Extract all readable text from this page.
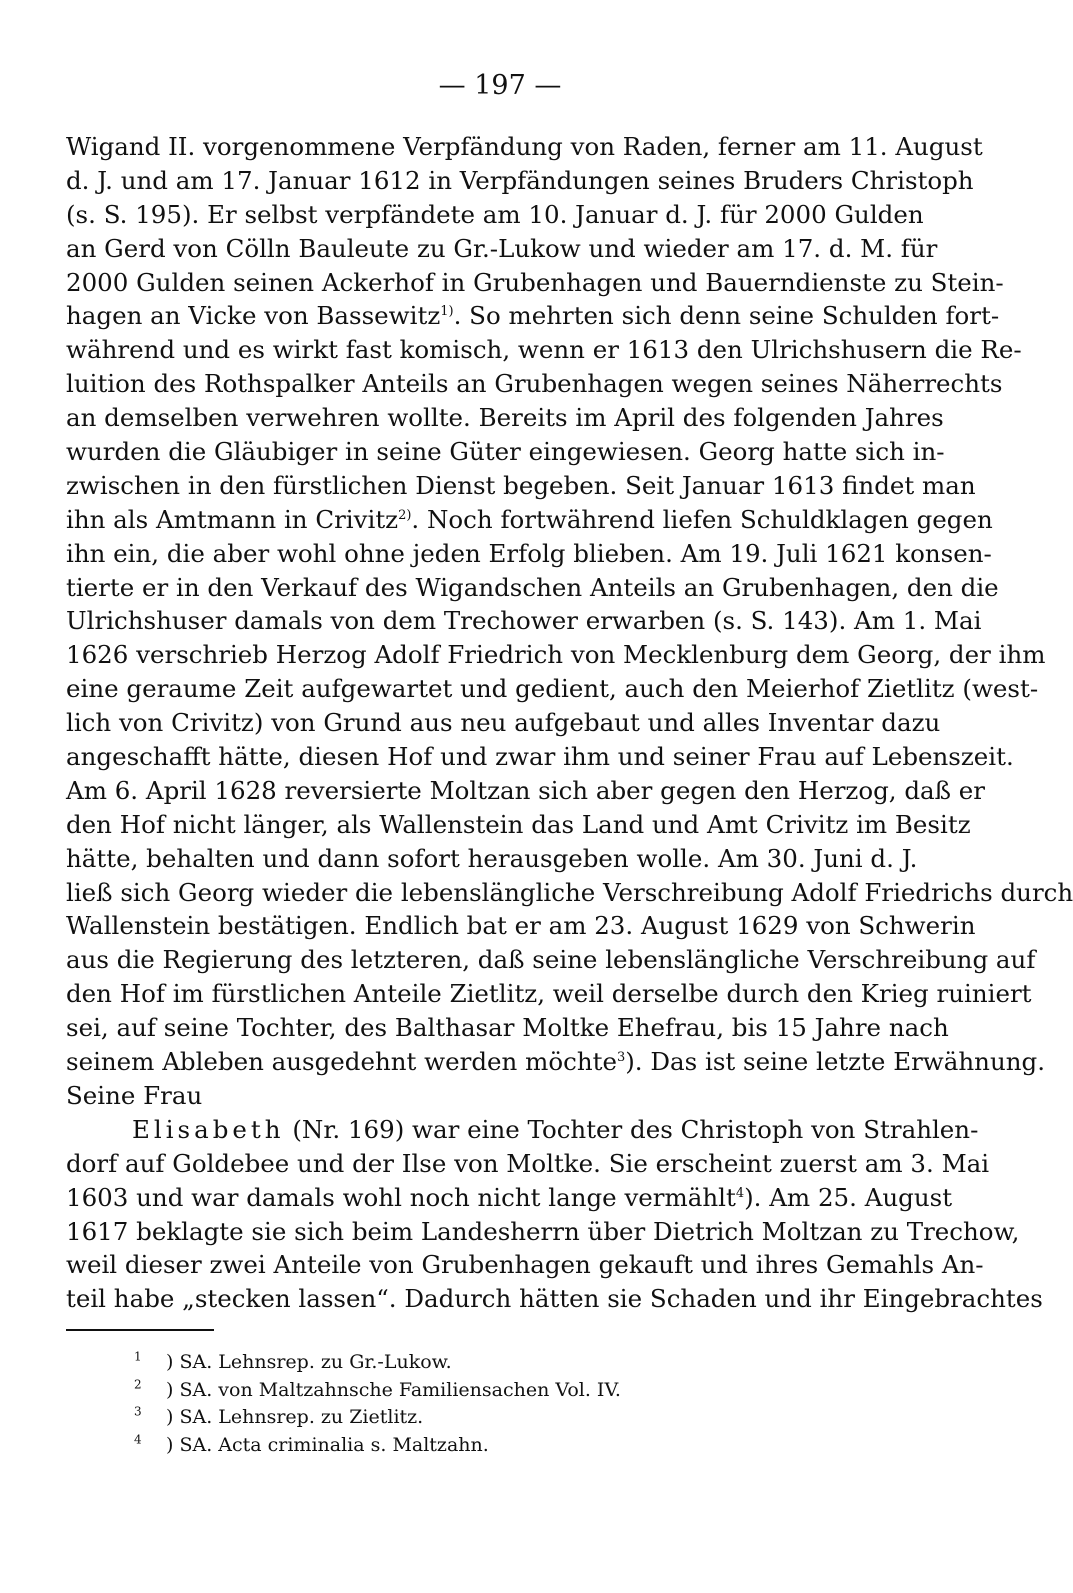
— 197 —
Wigand II. vorgenommene Verpfändung von Raden, ferner am 11. August
d. J. und am 17. Januar 1612 in Verpfändungen seines Bruders Christoph
(s. S. 195). Er selbst verpfändete am 10. Januar d. J. für 2000 Gulden
an Gerd von Cölln Bauleute zu Gr.-Lukow und wieder am 17. d. M. für
2000 Gulden seinen Ackerhof in Grubenhagen und Bauerndienste zu Stein-
hagen an Vicke von Bassewitz$^{1)}$. So mehrten sich denn seine Schulden fort-
während und es wirkt fast komisch, wenn er 1613 den Ulrichshusern die Re-
luition des Rothspalker Anteils an Grubenhagen wegen seines Näherrechts
an demselben verwehren wollte. Bereits im April des folgenden Jahres
wurden die Gläubiger in seine Güter eingewiesen. Georg hatte sich in-
zwischen in den fürstlichen Dienst begeben. Seit Januar 1613 findet man
ihn als Amtmann in Crivitz$^{2)}$. Noch fortwährend liefen Schuldklagen gegen
ihn ein, die aber wohl ohne jeden Erfolg blieben. Am 19. Juli 1621 konsen-
tierte er in den Verkauf des Wigandschen Anteils an Grubenhagen, den die
Ulrichshuser damals von dem Trechower erwarben (s. S. 143). Am 1. Mai
1626 verschrieb Herzog Adolf Friedrich von Mecklenburg dem Georg, der ihm
eine geraume Zeit aufgewartet und gedient, auch den Meierhof Zietlitz (west-
lich von Crivitz) von Grund aus neu aufgebaut und alles Inventar dazu
angeschafft hätte, diesen Hof und zwar ihm und seiner Frau auf Lebenszeit.
Am 6. April 1628 reversierte Moltzan sich aber gegen den Herzog, daß er
den Hof nicht länger, als Wallenstein das Land und Amt Crivitz im Besitz
hätte, behalten und dann sofort herausgeben wolle. Am 30. Juni d. J.
ließ sich Georg wieder die lebenslängliche Verschreibung Adolf Friedrichs durch
Wallenstein bestätigen. Endlich bat er am 23. August 1629 von Schwerin
aus die Regierung des letzteren, daß seine lebenslängliche Verschreibung auf
den Hof im fürstlichen Anteile Zietlitz, weil derselbe durch den Krieg ruiniert
sei, auf seine Tochter, des Balthasar Moltke Ehefrau, bis 15 Jahre nach
seinem Ableben ausgedehnt werden möchte$^3$). Das ist seine letzte Erwähnung.
Seine Frau
Elisabeth (Nr. 169) war eine Tochter des Christoph von Strahlen-
dorf auf Goldebee und der Ilse von Moltke. Sie erscheint zuerst am 3. Mai
1603 und war damals wohl noch nicht lange vermählt$^4$). Am 25. August
1617 beklagte sie sich beim Landesherrn über Dietrich Moltzan zu Trechow,
weil dieser zwei Anteile von Grubenhagen gekauft und ihres Gemahls An-
teil habe „stecken lassen“. Dadurch hätten sie Schaden und ihr Eingebrachtes
$^1$ ) SA. Lehnsrep. zu Gr.-Lukow.
$^2$ ) SA. von Maltzahnsche Familiensachen Vol. IV.
$^3$ ) SA. Lehnsrep. zu Zietlitz.
$^4$ ) SA. Acta criminalia s. Maltzahn.
